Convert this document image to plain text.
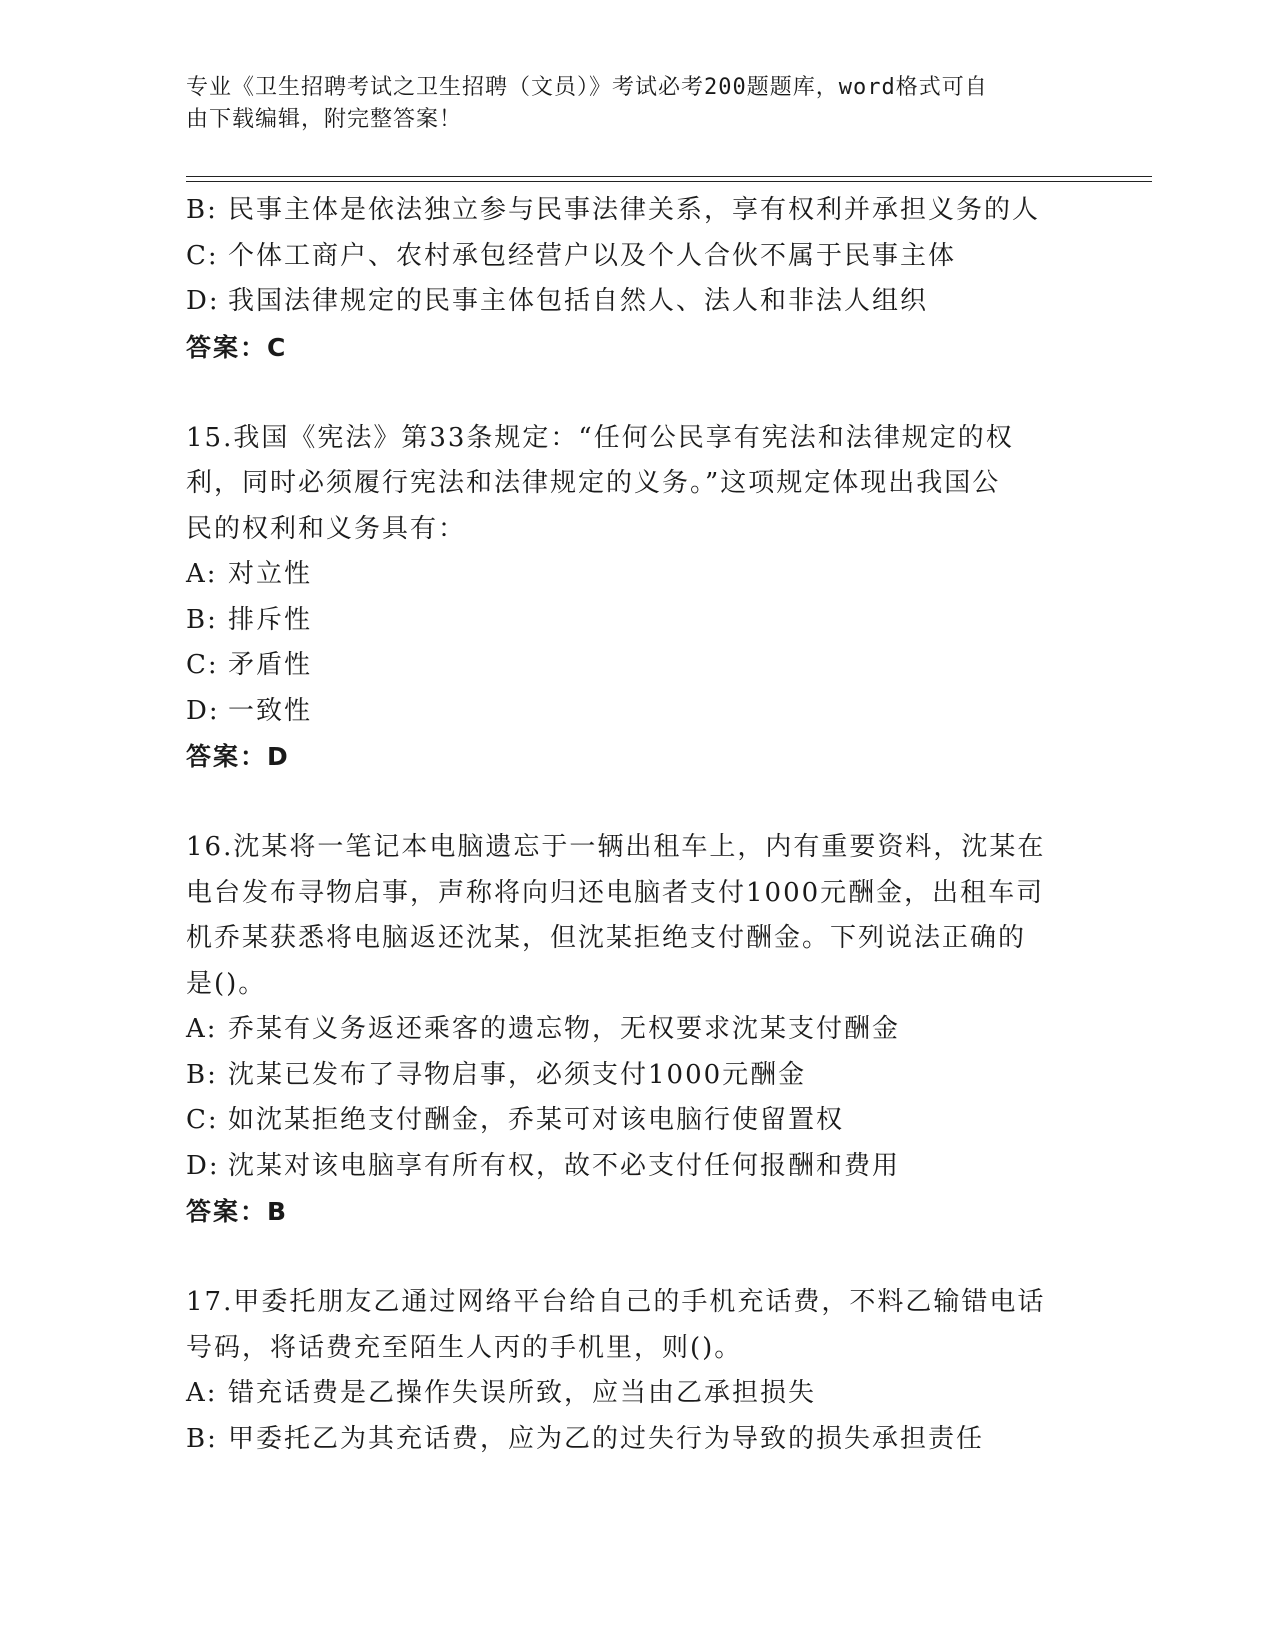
专业《卫生招聘考试之卫生招聘（文员）》考试必考200题题库，word格式可自
由下载编辑，附完整答案！
B: 民事主体是依法独立参与民事法律关系，享有权利并承担义务的人
C: 个体工商户、农村承包经营户以及个人合伙不属于民事主体
D: 我国法律规定的民事主体包括自然人、法人和非法人组织
答案：C
15.我国《宪法》第33条规定：“任何公民享有宪法和法律规定的权
利，同时必须履行宪法和法律规定的义务。”这项规定体现出我国公
民的权利和义务具有：
A: 对立性
B: 排斥性
C: 矛盾性
D: 一致性
答案：D
16.沈某将一笔记本电脑遗忘于一辆出租车上，内有重要资料，沈某在
电台发布寻物启事，声称将向归还电脑者支付1000元酬金，出租车司
机乔某获悉将电脑返还沈某，但沈某拒绝支付酬金。下列说法正确的
是()。
A: 乔某有义务返还乘客的遗忘物，无权要求沈某支付酬金
B: 沈某已发布了寻物启事，必须支付1000元酬金
C: 如沈某拒绝支付酬金，乔某可对该电脑行使留置权
D: 沈某对该电脑享有所有权，故不必支付任何报酬和费用
答案：B
17.甲委托朋友乙通过网络平台给自己的手机充话费，不料乙输错电话
号码，将话费充至陌生人丙的手机里，则()。
A: 错充话费是乙操作失误所致，应当由乙承担损失
B: 甲委托乙为其充话费，应为乙的过失行为导致的损失承担责任
